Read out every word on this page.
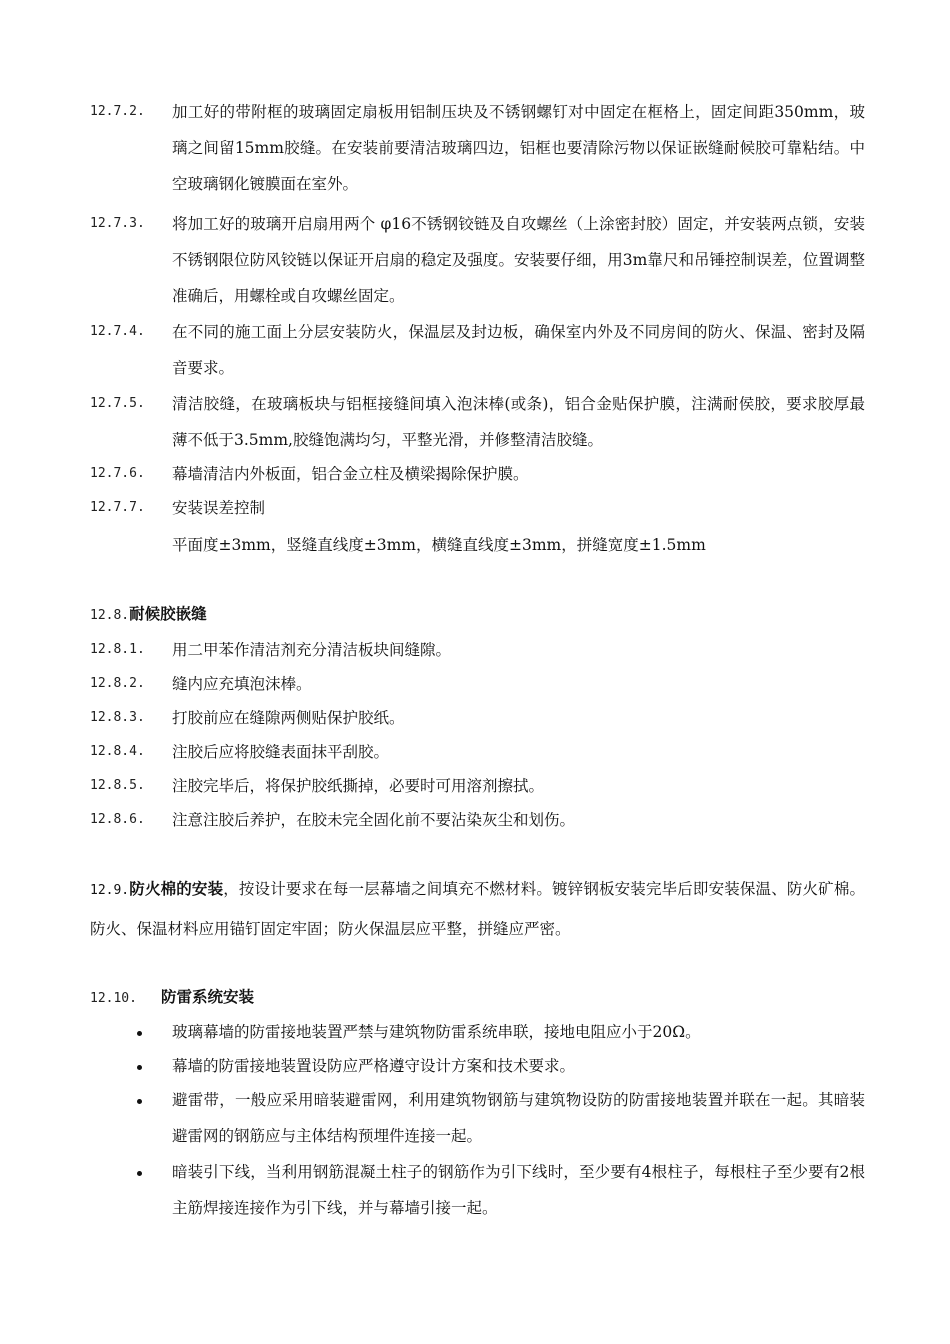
12.7.2. 加工好的带附框的玻璃固定扇板用铝制压块及不锈钢螺钉对中固定在框格上，固定间距350mm，玻璃之间留15mm胶缝。在安装前要清洁玻璃四边，铝框也要清除污物以保证嵌缝耐候胶可靠粘结。中空玻璃钢化镀膜面在室外。
12.7.3. 将加工好的玻璃开启扇用两个 φ16不锈钢铰链及自攻螺丝（上涂密封胶）固定，并安装两点锁，安装不锈钢限位防风铰链以保证开启扇的稳定及强度。安装要仔细，用3m靠尺和吊锤控制误差，位置调整准确后，用螺栓或自攻螺丝固定。
12.7.4. 在不同的施工面上分层安装防火，保温层及封边板，确保室内外及不同房间的防火、保温、密封及隔音要求。
12.7.5. 清洁胶缝，在玻璃板块与铝框接缝间填入泡沫棒(或条)，铝合金贴保护膜，注满耐侯胶，要求胶厚最薄不低于3.5mm,胶缝饱满均匀，平整光滑，并修整清洁胶缝。
12.7.6. 幕墙清洁内外板面，铝合金立柱及横梁揭除保护膜。
12.7.7. 安装误差控制
平面度±3mm，竖缝直线度±3mm，横缝直线度±3mm，拼缝宽度±1.5mm
12.8.耐候胶嵌缝
12.8.1. 用二甲苯作清洁剂充分清洁板块间缝隙。
12.8.2. 缝内应充填泡沫棒。
12.8.3. 打胶前应在缝隙两侧贴保护胶纸。
12.8.4. 注胶后应将胶缝表面抹平刮胶。
12.8.5. 注胶完毕后，将保护胶纸撕掉，必要时可用溶剂擦拭。
12.8.6. 注意注胶后养护，在胶未完全固化前不要沾染灰尘和划伤。
12.9.防火棉的安装，按设计要求在每一层幕墙之间填充不燃材料。镀锌钢板安装完毕后即安装保温、防火矿棉。防火、保温材料应用锚钉固定牢固；防火保温层应平整，拼缝应严密。
12.10. 防雷系统安装
玻璃幕墙的防雷接地装置严禁与建筑物防雷系统串联，接地电阻应小于20Ω。
幕墙的防雷接地装置设防应严格遵守设计方案和技术要求。
避雷带，一般应采用暗装避雷网，利用建筑物钢筋与建筑物设防的防雷接地装置并联在一起。其暗装避雷网的钢筋应与主体结构预埋件连接一起。
暗装引下线，当利用钢筋混凝土柱子的钢筋作为引下线时，至少要有4根柱子，每根柱子至少要有2根主筋焊接连接作为引下线，并与幕墙引接一起。
